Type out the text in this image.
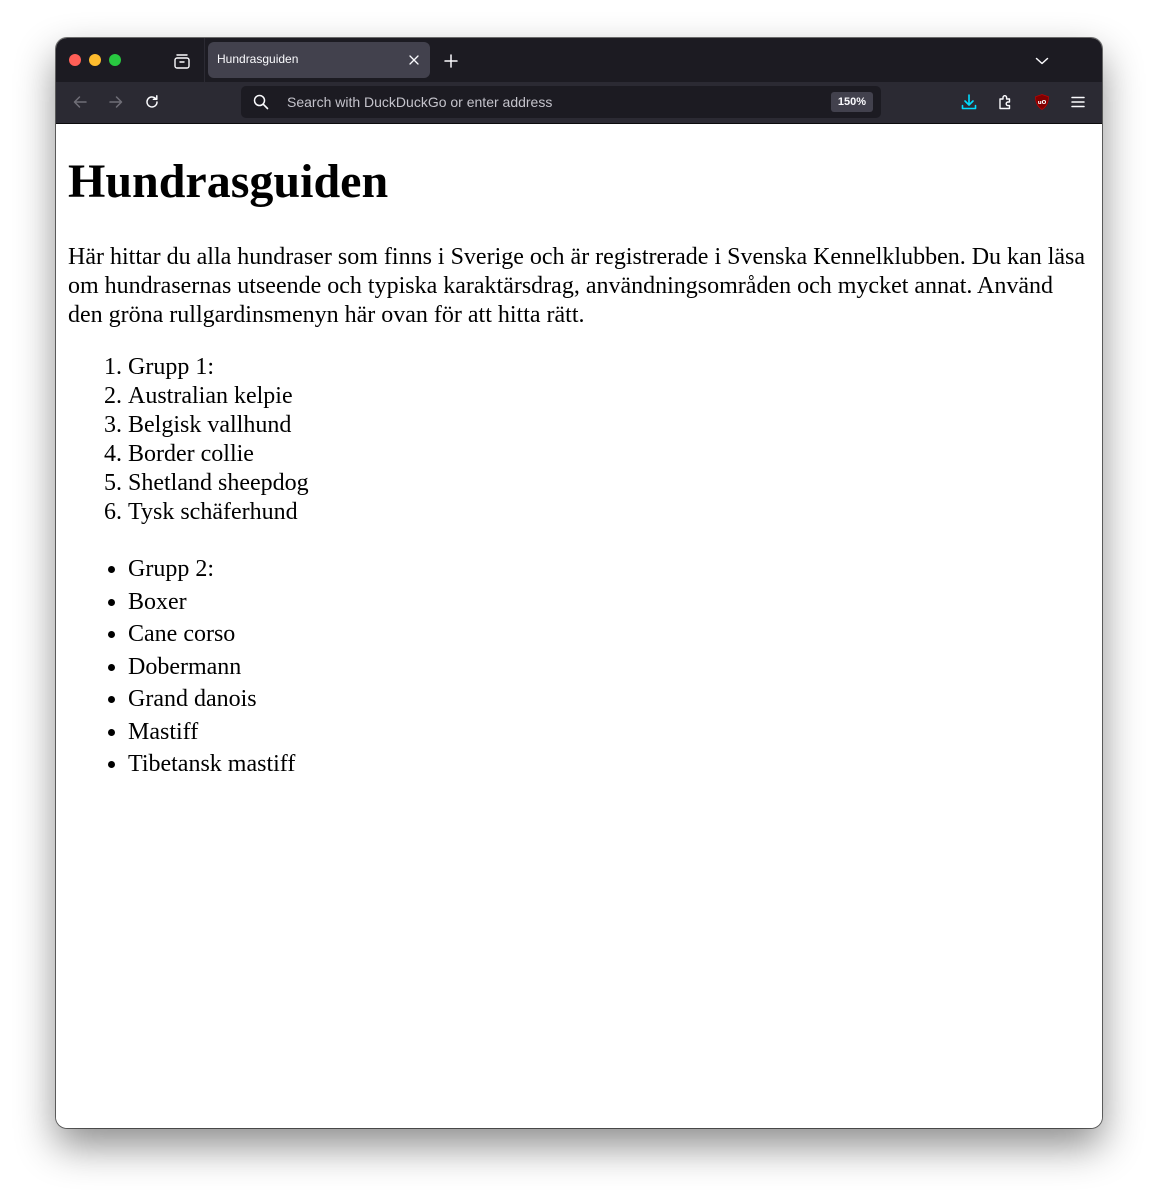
Hundrasguiden
Search with DuckDuckGo or enter address	150%	uO
Hundrasguiden

Här hittar du alla hundraser som finns i Sverige och är registrerade i Svenska Kennelklubben. Du kan läsa om hundrasernas utseende och typiska karaktärsdrag, användningsområden och mycket annat. Använd den gröna rullgardinsmenyn här ovan för att hitta rätt.

1. Grupp 1:
2. Australian kelpie
3. Belgisk vallhund
4. Border collie
5. Shetland sheepdog
6. Tysk schäferhund
• Grupp 2:
• Boxer
• Cane corso
• Dobermann
• Grand danois
• Mastiff
• Tibetansk mastiff
